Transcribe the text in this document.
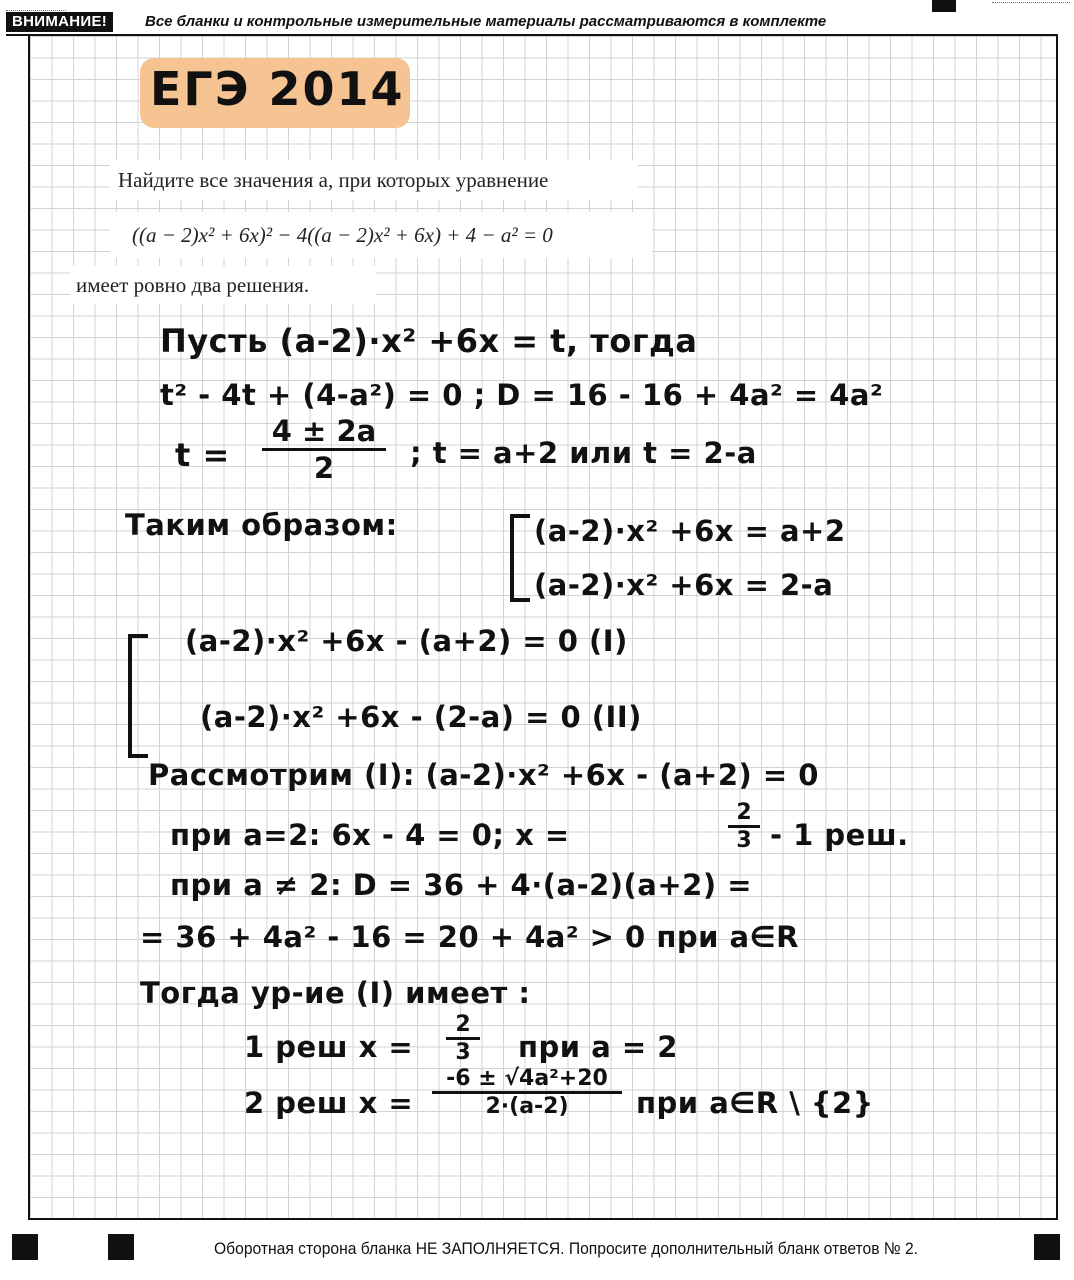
ВНИМАНИЕ!	Все бланки и контрольные измерительные материалы рассматриваются в комплекте
ЕГЭ 2014
Найдите все значения a, при которых уравнение
((a − 2)x² + 6x)² − 4((a − 2)x² + 6x) + 4 − a² = 0
имеет ровно два решения.
Пусть (a-2)·x² +6x = t, тогда
t² - 4t + (4-a²) = 0 ; D = 16 - 16 + 4a² = 4a²
$t = \frac{4 \pm 2a}{2}$ ; t = a+2 или t = 2-a
Таким образом:	(a-2)·x² +6x = a+2
(a-2)·x² +6x = 2-a
(a-2)·x² +6x - (a+2) = 0 (I)
(a-2)·x² +6x - (2-a) = 0 (II)
Рассмотрим (I): (a-2)·x² +6x - (a+2) = 0
при a=2: 6x - 4 = 0; x =	$\frac{2}{3} - 1$ реш.
при a ≠ 2: D = 36 + 4·(a-2)(a+2) =
= 36 + 4a² - 16 = 20 + 4a² > 0 при a∈R
Тогда ур-ие (I) имеет :
1 реш $x = \frac{2}{3}$ при a = 2
2 реш $x = \frac{\text{-6 ± √4a²+20}}{2\cdot(a-2)}$ при a∈R \ {2}
Оборотная сторона бланка НЕ ЗАПОЛНЯЕТСЯ. Попросите дополнительный бланк ответов № 2.
